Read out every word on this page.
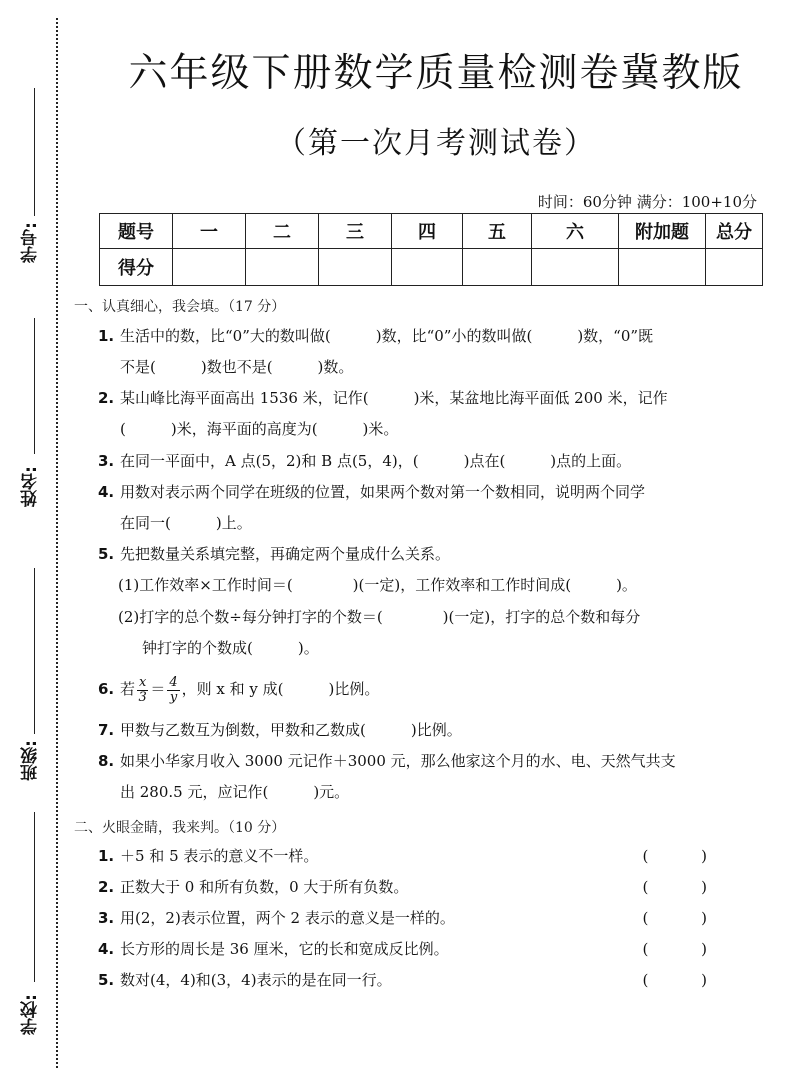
学号:
姓名:
班级:
学校:
六年级下册数学质量检测卷冀教版
（第一次月考测试卷）
时间：60分钟 满分：100+10分
题号	一	二	三	四	五	六	附加题	总分
得分								
一、认真细心，我会填。（17 分）
1. 生活中的数，比“0”大的数叫做(　　　)数，比“0”小的数叫做(　　　)数，“0”既
不是(　　　)数也不是(　　　)数。
2. 某山峰比海平面高出 1536 米，记作(　　　)米，某盆地比海平面低 200 米，记作
(　　　)米，海平面的高度为(　　　)米。
3. 在同一平面中，A 点(5，2)和 B 点(5，4)，(　　　)点在(　　　)点的上面。
4. 用数对表示两个同学在班级的位置，如果两个数对第一个数相同，说明两个同学
在同一(　　　)上。
5. 先把数量关系填完整，再确定两个量成什么关系。
(1)工作效率×工作时间＝(　　　　)(一定)，工作效率和工作时间成(　　　)。
(2)打字的总个数÷每分钟打字的个数＝(　　　　)(一定)，打字的总个数和每分
钟打字的个数成(　　　)。
6. 若 $\frac{x}{3} = \frac{4}{y}$ ，则 x 和 y 成(　　　)比例。
7. 甲数与乙数互为倒数，甲数和乙数成(　　　)比例。
8. 如果小华家月收入 3000 元记作＋3000 元，那么他家这个月的水、电、天然气共支
出 280.5 元，应记作(　　　)元。
二、火眼金睛，我来判。（10 分）
1. ＋5 和 5 表示的意义不一样。	( )
2. 正数大于 0 和所有负数，0 大于所有负数。	( )
3. 用(2，2)表示位置，两个 2 表示的意义是一样的。	( )
4. 长方形的周长是 36 厘米，它的长和宽成反比例。	( )
5. 数对(4，4)和(3，4)表示的是在同一行。	( )
